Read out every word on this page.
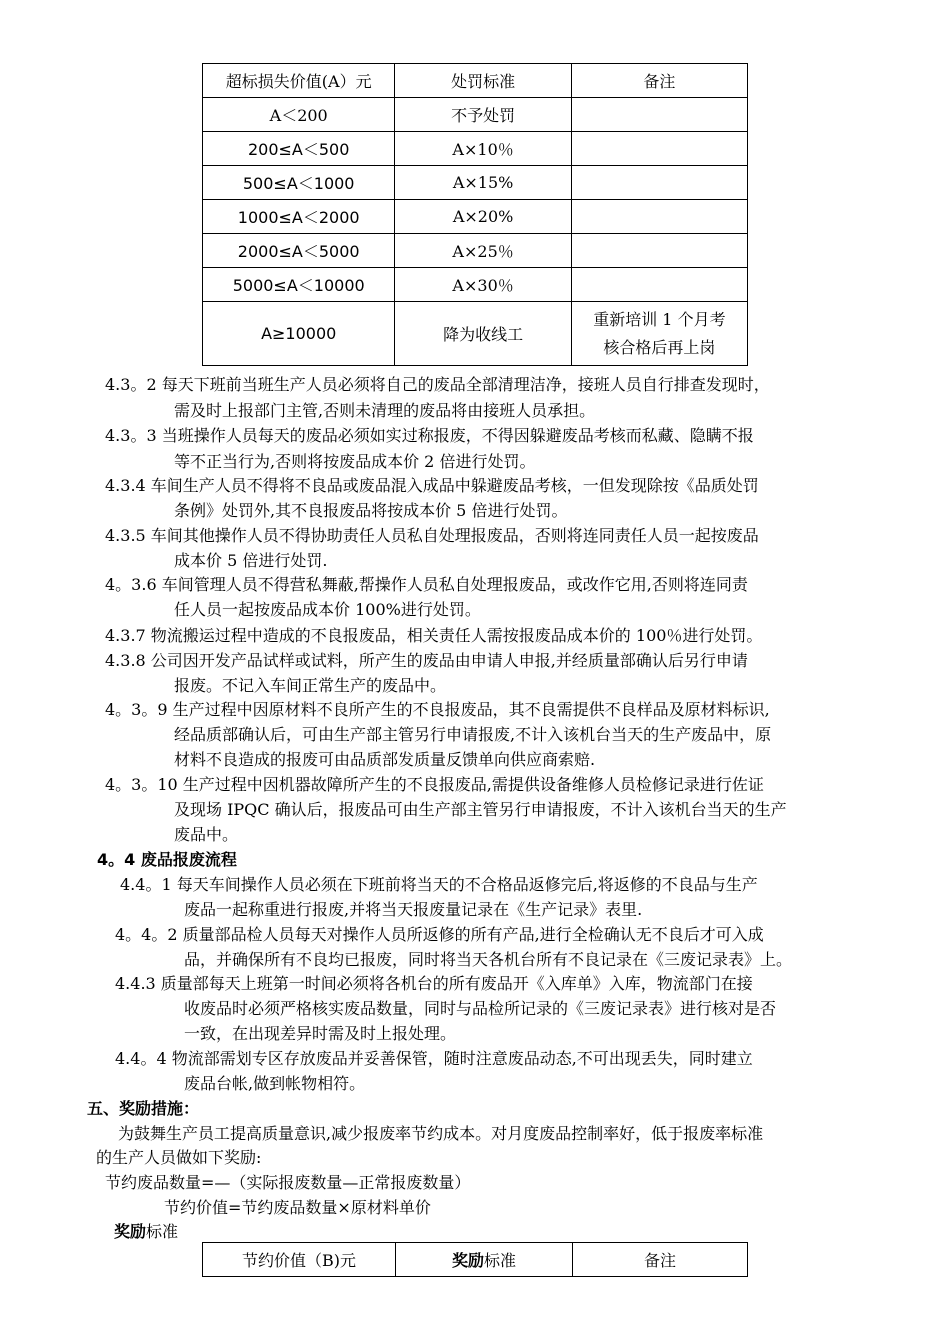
超标损失价值(A）元	处罚标准	备注
A＜200	不予处罚	
200≤A＜500	A×10％	
500≤A＜1000	A×15%	
1000≤A＜2000	A×20%	
2000≤A＜5000	A×25％	
5000≤A＜10000	A×30％	
A≥10000	降为收线工	重新培训 1 个月考
核合格后再上岗
4.3。2 每天下班前当班生产人员必须将自己的废品全部清理洁净，接班人员自行排查发现时，
需及时上报部门主管,否则未清理的废品将由接班人员承担。
4.3。3 当班操作人员每天的废品必须如实过称报废，不得因躲避废品考核而私藏、隐瞒不报
等不正当行为,否则将按废品成本价 2 倍进行处罚。
4.3.4 车间生产人员不得将不良品或废品混入成品中躲避废品考核，一但发现除按《品质处罚
条例》处罚外,其不良报废品将按成本价 5 倍进行处罚。
4.3.5 车间其他操作人员不得协助责任人员私自处理报废品，否则将连同责任人员一起按废品
成本价 5 倍进行处罚.
4。3.6 车间管理人员不得营私舞蔽,帮操作人员私自处理报废品，或改作它用,否则将连同责
任人员一起按废品成本价 100%进行处罚。
4.3.7 物流搬运过程中造成的不良报废品，相关责任人需按报废品成本价的 100％进行处罚。
4.3.8 公司因开发产品试样或试料，所产生的废品由申请人申报,并经质量部确认后另行申请
报废。不记入车间正常生产的废品中。
4。3。9 生产过程中因原材料不良所产生的不良报废品，其不良需提供不良样品及原材料标识,
经品质部确认后，可由生产部主管另行申请报废,不计入该机台当天的生产废品中，原
材料不良造成的报废可由品质部发质量反馈单向供应商索赔.
4。3。10 生产过程中因机器故障所产生的不良报废品,需提供设备维修人员检修记录进行佐证
及现场 IPQC 确认后，报废品可由生产部主管另行申请报废，不计入该机台当天的生产
废品中。
4。4 废品报废流程
4.4。1 每天车间操作人员必须在下班前将当天的不合格品返修完后,将返修的不良品与生产
废品一起称重进行报废,并将当天报废量记录在《生产记录》表里.
4。4。2 质量部品检人员每天对操作人员所返修的所有产品,进行全检确认无不良后才可入成
品，并确保所有不良均已报废，同时将当天各机台所有不良记录在《三废记录表》上。
4.4.3 质量部每天上班第一时间必须将各机台的所有废品开《入库单》入库，物流部门在接
收废品时必须严格核实废品数量，同时与品检所记录的《三废记录表》进行核对是否
一致，在出现差异时需及时上报处理。
4.4。4 物流部需划专区存放废品并妥善保管，随时注意废品动态,不可出现丢失，同时建立
废品台帐,做到帐物相符。
五、奖励措施：
为鼓舞生产员工提高质量意识,减少报废率节约成本。对月度废品控制率好，低于报废率标准
的生产人员做如下奖励:
节约废品数量=—（实际报废数量—正常报废数量）
节约价值=节约废品数量×原材料单价
奖励标准
节约价值（B)元	奖励标准	备注
